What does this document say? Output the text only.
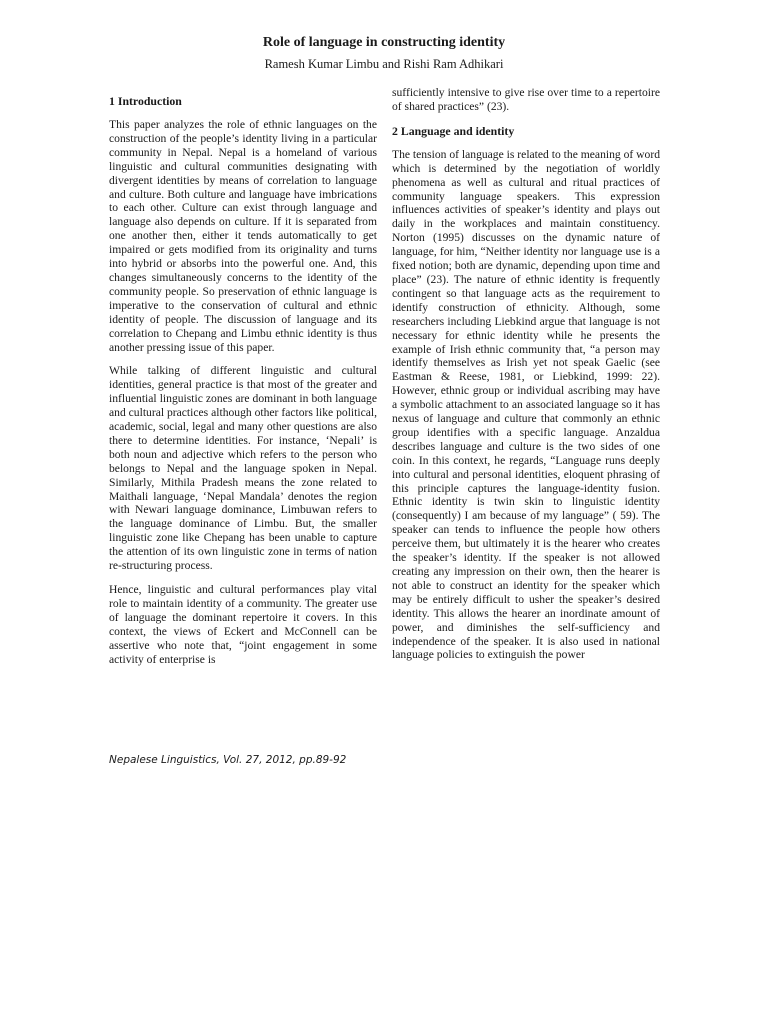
Role of language in constructing identity
Ramesh Kumar Limbu and Rishi Ram Adhikari
1 Introduction

This paper analyzes the role of ethnic languages on the construction of the people’s identity living in a particular community in Nepal. Nepal is a homeland of various linguistic and cultural communities designating with divergent identities by means of correlation to language and culture. Both culture and language have imbrications to each other. Culture can exist through language and language also depends on culture. If it is separated from one another then, either it tends automatically to get impaired or gets modified from its originality and turns into hybrid or absorbs into the powerful one. And, this changes simultaneously concerns to the identity of the community people. So preservation of ethnic language is imperative to the conservation of cultural and ethnic identity of people. The discussion of language and its correlation to Chepang and Limbu ethnic identity is thus another pressing issue of this paper.

While talking of different linguistic and cultural identities, general practice is that most of the greater and influential linguistic zones are dominant in both language and cultural practices although other factors like political, academic, social, legal and many other questions are also there to determine identities. For instance, ‘Nepali’ is both noun and adjective which refers to the person who belongs to Nepal and the language spoken in Nepal. Similarly, Mithila Pradesh means the zone related to Maithali language, ‘Nepal Mandala’ denotes the region with Newari language dominance, Limbuwan refers to the language dominance of Limbu. But, the smaller linguistic zone like Chepang has been unable to capture the attention of its own linguistic zone in terms of nation re-structuring process.

Hence, linguistic and cultural performances play vital role to maintain identity of a community. The greater use of language the dominant repertoire it covers. In this context, the views of Eckert and McConnell can be assertive who note that, “joint engagement in some activity of enterprise is

sufficiently intensive to give rise over time to a repertoire of shared practices” (23).

2 Language and identity

The tension of language is related to the meaning of word which is determined by the negotiation of worldly phenomena as well as cultural and ritual practices of community language speakers. This expression influences activities of speaker’s identity and plays out daily in the workplaces and maintain constituency. Norton (1995) discusses on the dynamic nature of language, for him, “Neither identity nor language use is a fixed notion; both are dynamic, depending upon time and place” (23). The nature of ethnic identity is frequently contingent so that language acts as the requirement to identify construction of ethnicity. Although, some researchers including Liebkind argue that language is not necessary for ethnic identity while he presents the example of Irish ethnic community that, “a person may identify themselves as Irish yet not speak Gaelic (see Eastman & Reese, 1981, or Liebkind, 1999: 22). However, ethnic group or individual ascribing may have a symbolic attachment to an associated language so it has nexus of language and culture that commonly an ethnic group identifies with a specific language. Anzaldua describes language and culture is the two sides of one coin. In this context, he regards, “Language runs deeply into cultural and personal identities, eloquent phrasing of this principle captures the language-identity fusion. Ethnic identity is twin skin to linguistic identity (consequently) I am because of my language” ( 59). The speaker can tends to influence the people how others perceive them, but ultimately it is the hearer who creates the speaker’s identity. If the speaker is not allowed creating any impression on their own, then the hearer is not able to construct an identity for the speaker which may be entirely difficult to usher the speaker’s desired identity. This allows the hearer an inordinate amount of power, and diminishes the self-sufficiency and independence of the speaker. It is also used in national language policies to extinguish the power

Nepalese Linguistics, Vol. 27, 2012, pp.89-92
